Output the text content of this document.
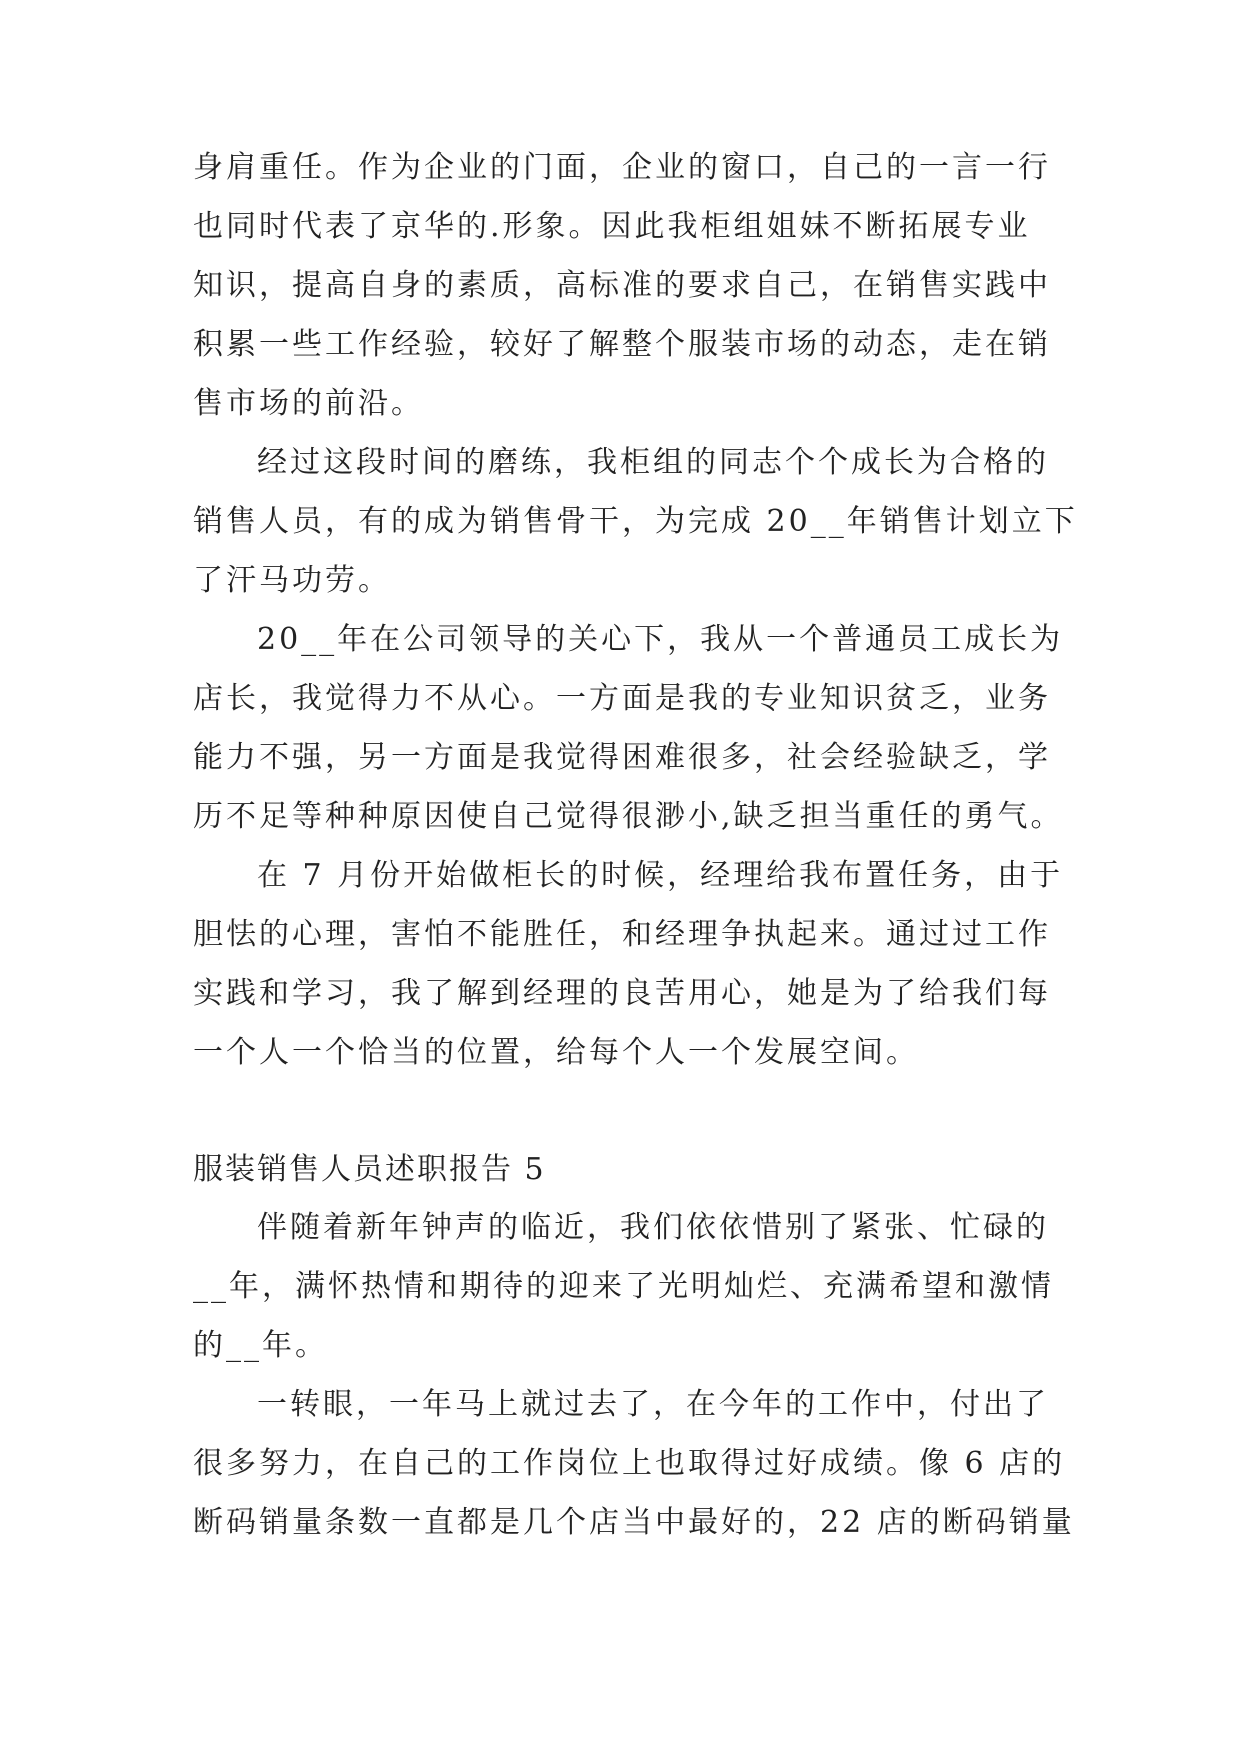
身肩重任。作为企业的门面，企业的窗口，自己的一言一行
也同时代表了京华的.形象。因此我柜组姐妹不断拓展专业
知识，提高自身的素质，高标准的要求自己，在销售实践中
积累一些工作经验，较好了解整个服装市场的动态，走在销
售市场的前沿。
经过这段时间的磨练，我柜组的同志个个成长为合格的
销售人员，有的成为销售骨干，为完成 20__年销售计划立下
了汗马功劳。
20__年在公司领导的关心下，我从一个普通员工成长为
店长，我觉得力不从心。一方面是我的专业知识贫乏，业务
能力不强，另一方面是我觉得困难很多，社会经验缺乏，学
历不足等种种原因使自己觉得很渺小,缺乏担当重任的勇气。
在 7 月份开始做柜长的时候，经理给我布置任务，由于
胆怯的心理，害怕不能胜任，和经理争执起来。通过过工作
实践和学习，我了解到经理的良苦用心，她是为了给我们每
一个人一个恰当的位置，给每个人一个发展空间。
服装销售人员述职报告 5
伴随着新年钟声的临近，我们依依惜别了紧张、忙碌的
__年，满怀热情和期待的迎来了光明灿烂、充满希望和激情
的__年。
一转眼，一年马上就过去了，在今年的工作中，付出了
很多努力，在自己的工作岗位上也取得过好成绩。像 6 店的
断码销量条数一直都是几个店当中最好的，22 店的断码销量
